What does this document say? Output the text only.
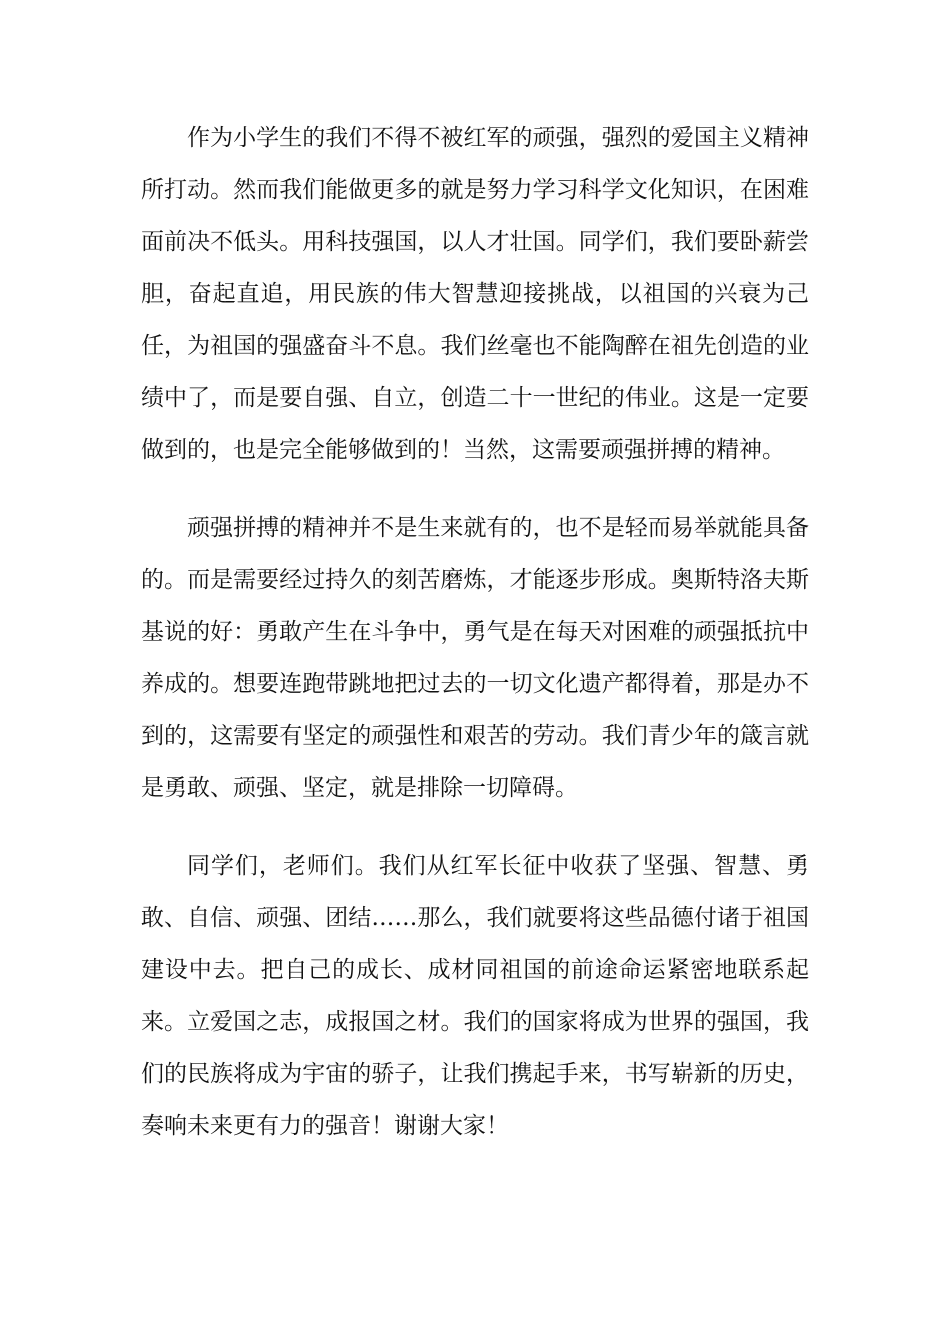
作为小学生的我们不得不被红军的顽强，强烈的爱国主义精神所打动。然而我们能做更多的就是努力学习科学文化知识，在困难面前决不低头。用科技强国，以人才壮国。同学们，我们要卧薪尝胆，奋起直追，用民族的伟大智慧迎接挑战，以祖国的兴衰为己任，为祖国的强盛奋斗不息。我们丝毫也不能陶醉在祖先创造的业绩中了，而是要自强、自立，创造二十一世纪的伟业。这是一定要做到的，也是完全能够做到的！当然，这需要顽强拼搏的精神。

顽强拼搏的精神并不是生来就有的，也不是轻而易举就能具备的。而是需要经过持久的刻苦磨炼，才能逐步形成。奥斯特洛夫斯基说的好：勇敢产生在斗争中，勇气是在每天对困难的顽强抵抗中养成的。想要连跑带跳地把过去的一切文化遗产都得着，那是办不到的，这需要有坚定的顽强性和艰苦的劳动。我们青少年的箴言就是勇敢、顽强、坚定，就是排除一切障碍。

同学们，老师们。我们从红军长征中收获了坚强、智慧、勇敢、自信、顽强、团结……那么，我们就要将这些品德付诸于祖国建设中去。把自己的成长、成材同祖国的前途命运紧密地联系起来。立爱国之志，成报国之材。我们的国家将成为世界的强国，我们的民族将成为宇宙的骄子，让我们携起手来，书写崭新的历史，奏响未来更有力的强音！谢谢大家！
